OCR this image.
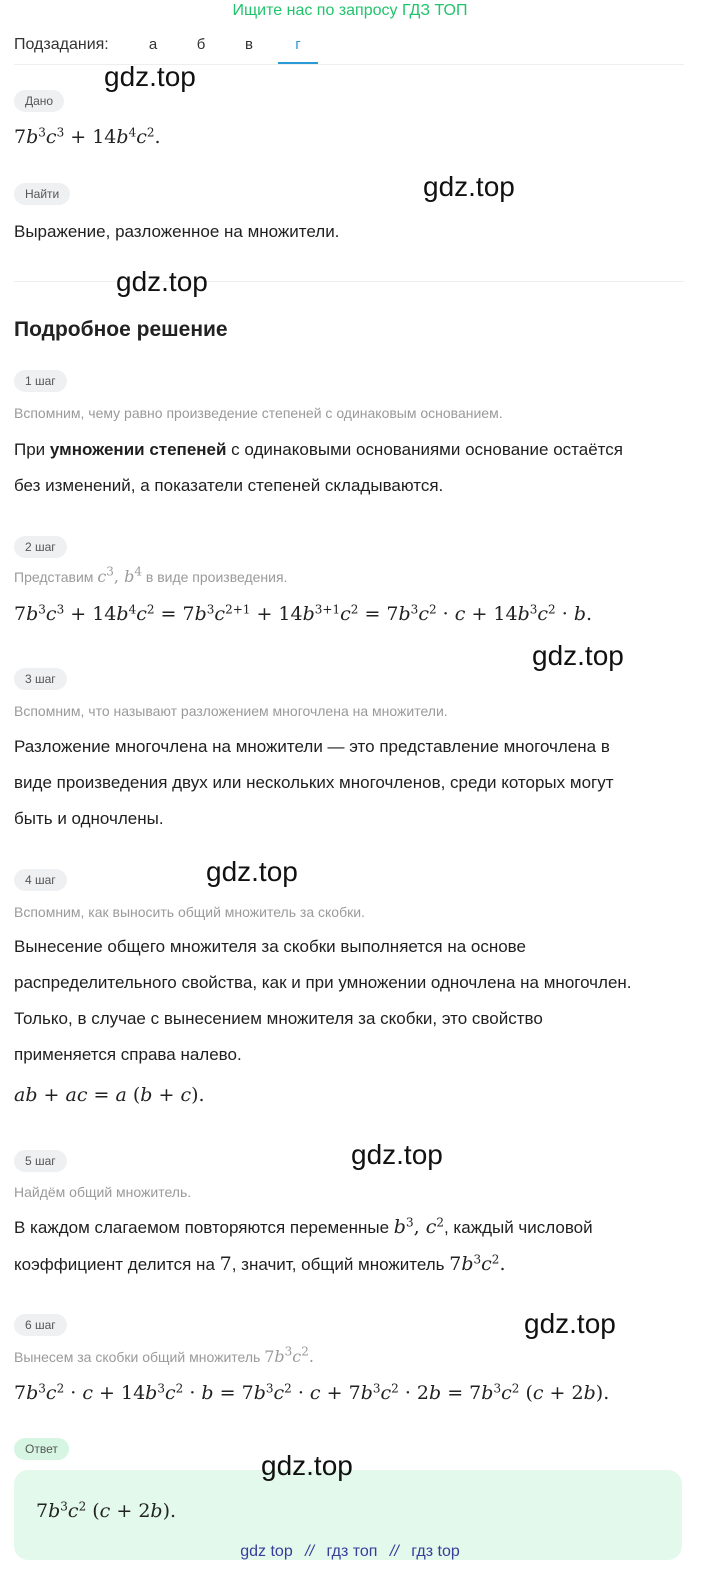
Ищите нас по запросу ГДЗ ТОП
Подзадания:	а	б	в	г
Дано
$7b^3c^3 + 14b^4c^2$.
Найти
Выражение, разложенное на множители.
Подробное решение
1 шаг
Вспомним, чему равно произведение степеней с одинаковым основанием.
При умножении степеней с одинаковыми основаниями основание остаётся
без изменений, а показатели степеней складываются.
2 шаг
Представим $c^3$, $b^4$ в виде произведения.
$7b^3c^3 + 14b^4c^2 = 7b^3c^{2+1} + 14b^{3+1}c^2 = 7b^3c^2 \cdot c + 14b^3c^2 \cdot b$.
3 шаг
Вспомним, что называют разложением многочлена на множители.
Разложение многочлена на множители — это представление многочлена в
виде произведения двух или нескольких многочленов, среди которых могут
быть и одночлены.
4 шаг
Вспомним, как выносить общий множитель за скобки.
Вынесение общего множителя за скобки выполняется на основе
распределительного свойства, как и при умножении одночлена на многочлен.
Только, в случае с вынесением множителя за скобки, это свойство
применяется справа налево.
ab + ac = a (b + c).
5 шаг
Найдём общий множитель.
В каждом слагаемом повторяются переменные $b^3$, $c^2$, каждый числовой
коэффициент делится на 7, значит, общий множитель $7b^3c^2$.
6 шаг
Вынесем за скобки общий множитель $7b^3c^2$.
$7b^3c^2 \cdot c + 14b^3c^2 \cdot b = 7b^3c^2 \cdot c + 7b^3c^2 \cdot 2b = 7b^3c^2$ (c + 2b).
Ответ
$7b^3c^2$ (c + 2b).
gdz.top
gdz.top
gdz.top
gdz.top
gdz.top
gdz.top
gdz.top
gdz.top
gdz top // гдз топ // гдз top
